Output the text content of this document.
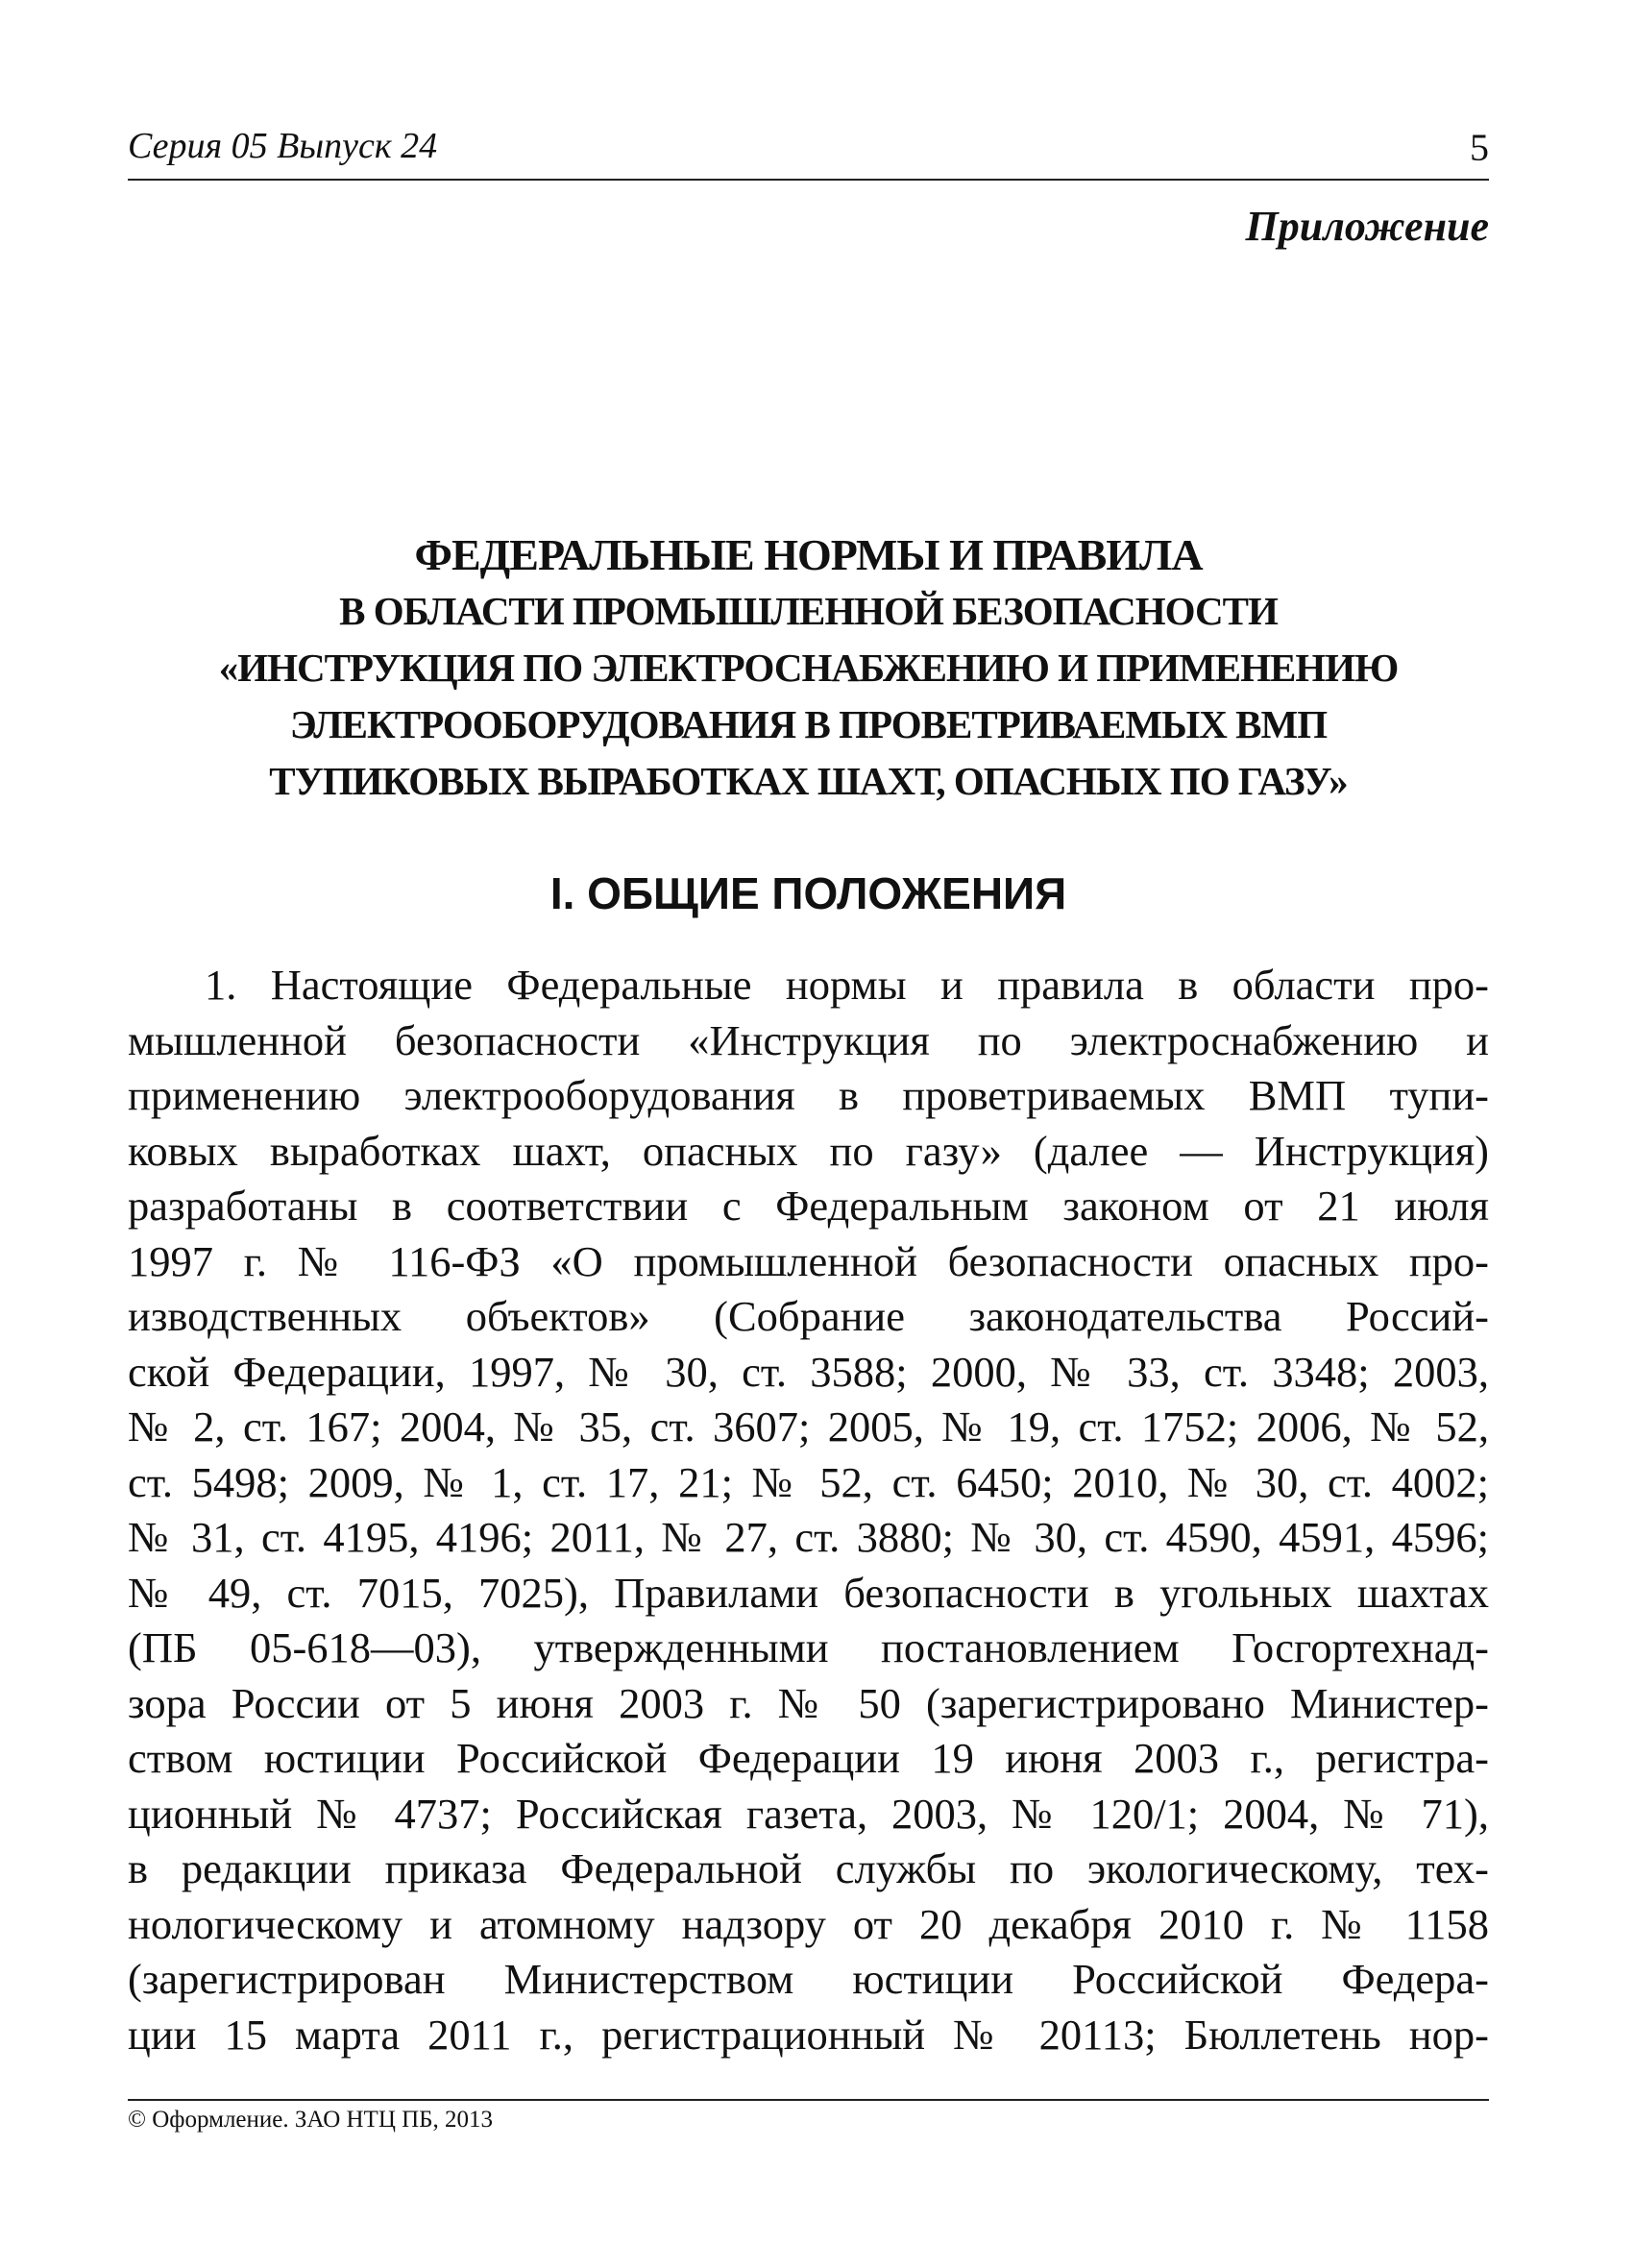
Серия 05 Выпуск 24	5
Приложение
ФЕДЕРАЛЬНЫЕ НОРМЫ И ПРАВИЛА
В ОБЛАСТИ ПРОМЫШЛЕННОЙ БЕЗОПАСНОСТИ
«ИНСТРУКЦИЯ ПО ЭЛЕКТРОСНАБЖЕНИЮ И ПРИМЕНЕНИЮ
ЭЛЕКТРООБОРУДОВАНИЯ В ПРОВЕТРИВАЕМЫХ ВМП
ТУПИКОВЫХ ВЫРАБОТКАХ ШАХТ, ОПАСНЫХ ПО ГАЗУ»
I. ОБЩИЕ ПОЛОЖЕНИЯ
1. Настоящие Федеральные нормы и правила в области про-
мышленной безопасности «Инструкция по электроснабжению и
применению электрооборудования в проветриваемых ВМП тупи-
ковых выработках шахт, опасных по газу» (далее — Инструкция)
разработаны в соответствии с Федеральным законом от 21 июля
1997 г. № 116-ФЗ «О промышленной безопасности опасных про-
изводственных объектов» (Собрание законодательства Россий-
ской Федерации, 1997, № 30, ст. 3588; 2000, № 33, ст. 3348; 2003,
№ 2, ст. 167; 2004, № 35, ст. 3607; 2005, № 19, ст. 1752; 2006, № 52,
ст. 5498; 2009, № 1, ст. 17, 21; № 52, ст. 6450; 2010, № 30, ст. 4002;
№ 31, ст. 4195, 4196; 2011, № 27, ст. 3880; № 30, ст. 4590, 4591, 4596;
№ 49, ст. 7015, 7025), Правилами безопасности в угольных шахтах
(ПБ 05-618—03), утвержденными постановлением Госгортехнад-
зора России от 5 июня 2003 г. № 50 (зарегистрировано Министер-
ством юстиции Российской Федерации 19 июня 2003 г., регистра-
ционный № 4737; Российская газета, 2003, № 120/1; 2004, № 71),
в редакции приказа Федеральной службы по экологическому, тех-
нологическому и атомному надзору от 20 декабря 2010 г. № 1158
(зарегистрирован Министерством юстиции Российской Федера-
ции 15 марта 2011 г., регистрационный № 20113; Бюллетень нор-
© Оформление. ЗАО НТЦ ПБ, 2013
